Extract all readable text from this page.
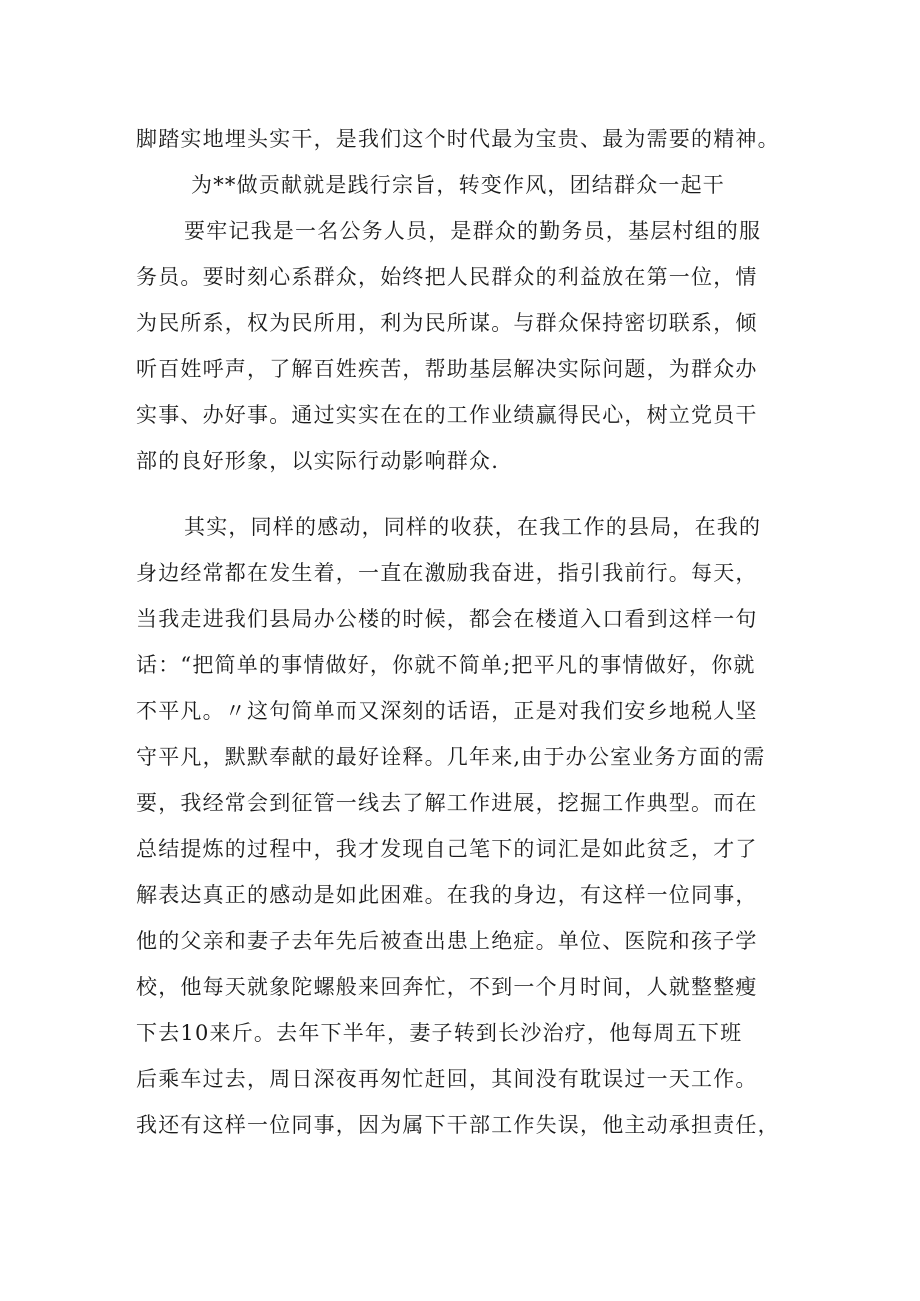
脚踏实地埋头实干，是我们这个时代最为宝贵、最为需要的精神。
为**做贡献就是践行宗旨，转变作风，团结群众一起干
要牢记我是一名公务人员，是群众的勤务员，基层村组的服
务员。要时刻心系群众，始终把人民群众的利益放在第一位，情
为民所系，权为民所用，利为民所谋。与群众保持密切联系，倾
听百姓呼声，了解百姓疾苦，帮助基层解决实际问题，为群众办
实事、办好事。通过实实在在的工作业绩赢得民心，树立党员干
部的良好形象，以实际行动影响群众.
其实，同样的感动，同样的收获，在我工作的县局，在我的
身边经常都在发生着，一直在激励我奋进，指引我前行。每天，
当我走进我们县局办公楼的时候，都会在楼道入口看到这样一句
话：“把简单的事情做好，你就不简单;把平凡的事情做好，你就
不平凡。〃这句简单而又深刻的话语，正是对我们安乡地税人坚
守平凡，默默奉献的最好诠释。几年来,由于办公室业务方面的需
要，我经常会到征管一线去了解工作进展，挖掘工作典型。而在
总结提炼的过程中，我才发现自己笔下的词汇是如此贫乏，才了
解表达真正的感动是如此困难。在我的身边，有这样一位同事，
他的父亲和妻子去年先后被查出患上绝症。单位、医院和孩子学
校，他每天就象陀螺般来回奔忙，不到一个月时间，人就整整瘦
下去10来斤。去年下半年，妻子转到长沙治疗，他每周五下班
后乘车过去，周日深夜再匆忙赶回，其间没有耽误过一天工作。
我还有这样一位同事，因为属下干部工作失误，他主动承担责任，
